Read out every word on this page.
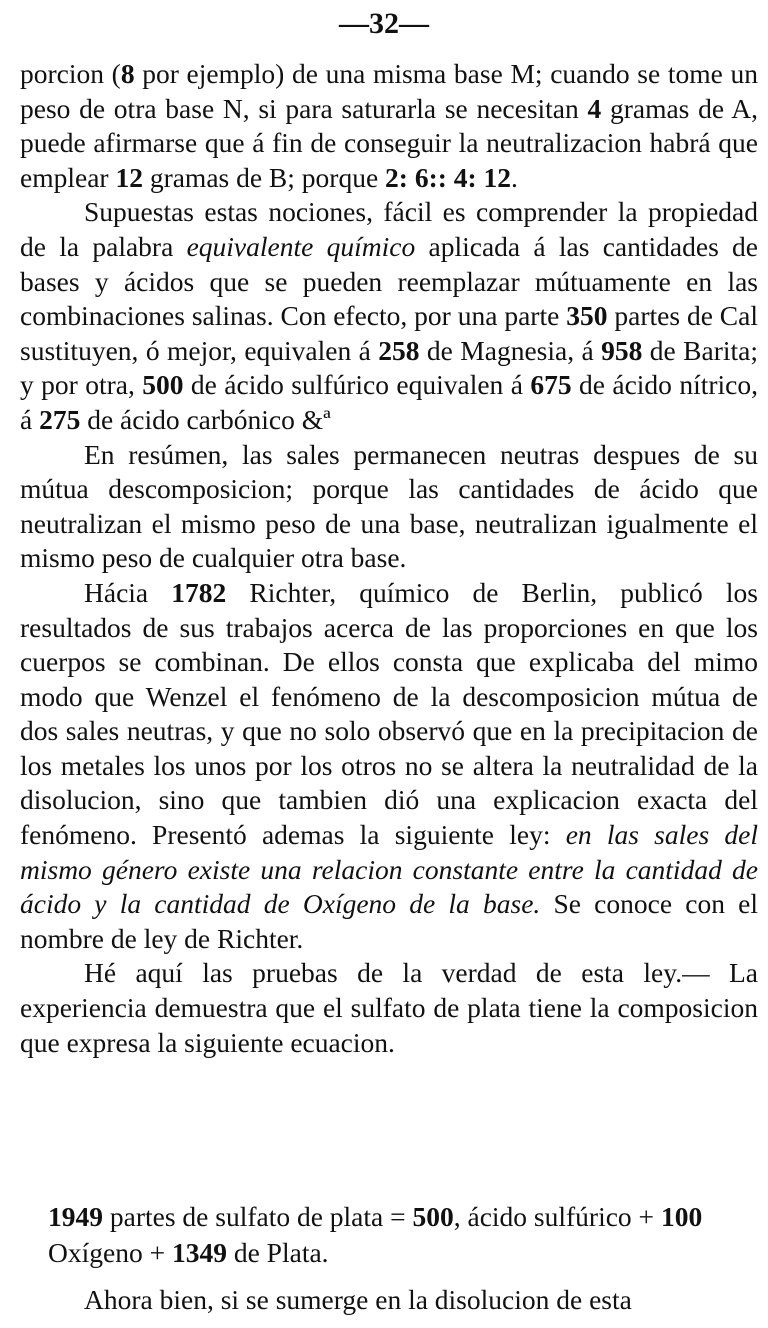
—32—

porcion (8 por ejemplo) de una misma base M; cuando se tome un peso de otra base N, si para saturarla se necesitan 4 gramas de A, puede afirmarse que á fin de conseguir la neutralizacion habrá que emplear 12 gramas de B; porque 2: 6:: 4: 12.

Supuestas estas nociones, fácil es comprender la propiedad de la palabra equivalente químico aplicada á las cantidades de bases y ácidos que se pueden reemplazar mútuamente en las combinaciones salinas. Con efecto, por una parte 350 partes de Cal sustituyen, ó mejor, equivalen á 258 de Magnesia, á 958 de Barita; y por otra, 500 de ácido sulfúrico equivalen á 675 de ácido nítrico, á 275 de ácido carbónico &ª

En resúmen, las sales permanecen neutras despues de su mútua descomposicion; porque las cantidades de ácido que neutralizan el mismo peso de una base, neutralizan igualmente el mismo peso de cualquier otra base.

Hácia 1782 Richter, químico de Berlin, publicó los resultados de sus trabajos acerca de las proporciones en que los cuerpos se combinan. De ellos consta que explicaba del mimo modo que Wenzel el fenómeno de la descomposicion mútua de dos sales neutras, y que no solo observó que en la precipitacion de los metales los unos por los otros no se altera la neutralidad de la disolucion, sino que tambien dió una explicacion exacta del fenómeno. Presentó ademas la siguiente ley: en las sales del mismo género existe una relacion constante entre la cantidad de ácido y la cantidad de Oxígeno de la base. Se conoce con el nombre de ley de Richter.

Hé aquí las pruebas de la verdad de esta ley.— La experiencia demuestra que el sulfato de plata tiene la composicion que expresa la siguiente ecuacion.

1949 partes de sulfato de plata = 500, ácido sulfúrico + 100 Oxígeno + 1349 de Plata.
Ahora bien, si se sumerge en la disolucion de esta
